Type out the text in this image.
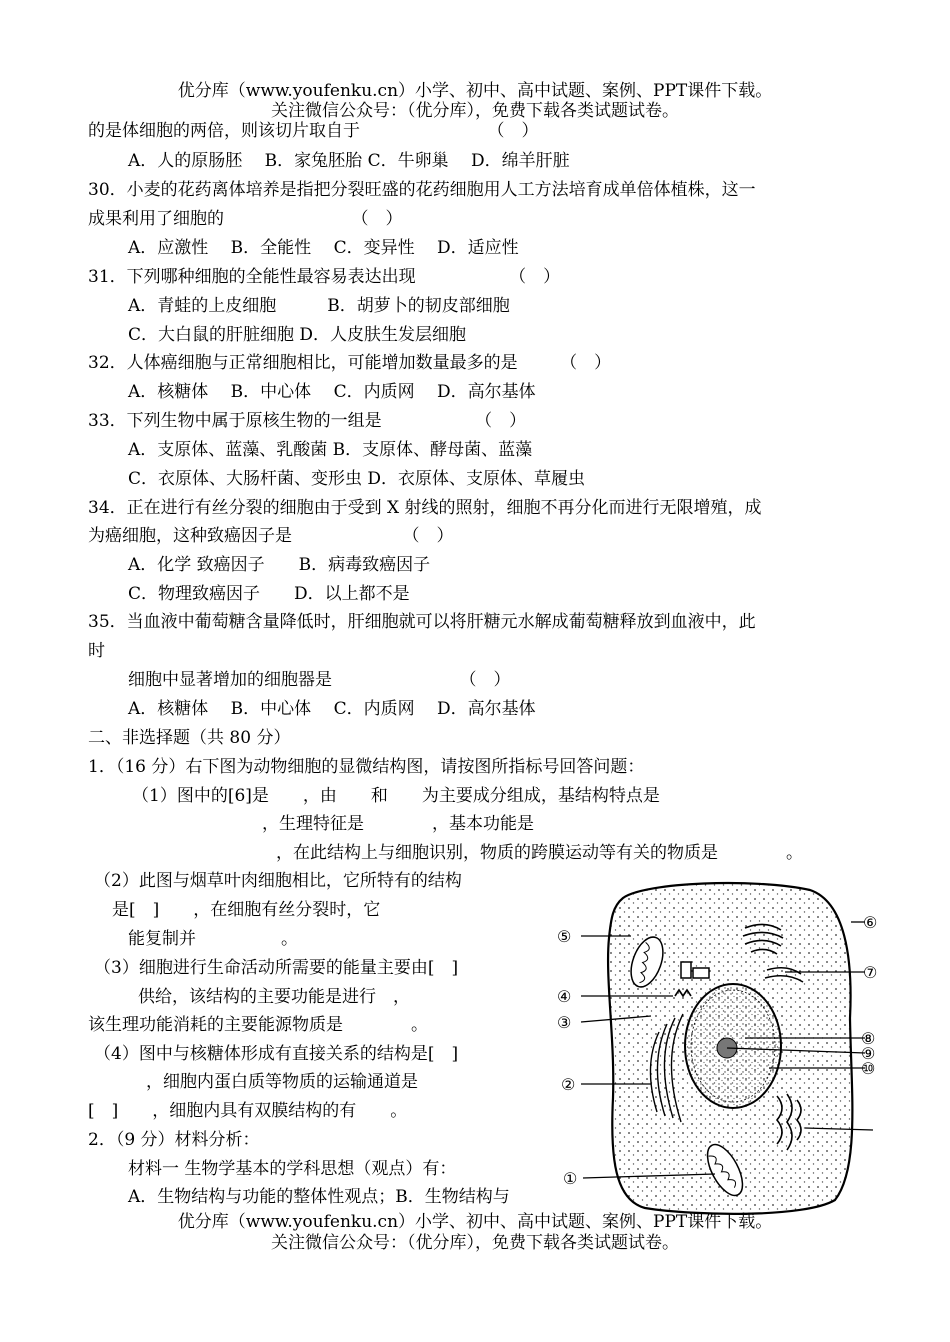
优分库（www.youfenku.cn）小学、初中、高中试题、案例、PPT课件下载。
关注微信公众号：（优分库），免费下载各类试题试卷。
的是体细胞的两倍，则该切片取自于　　　　　　　　（　）
A．人的原肠胚　 B．家兔胚胎 C．牛卵巢　 D．绵羊肝脏
30．小麦的花药离体培养是指把分裂旺盛的花药细胞用人工方法培育成单倍体植株，这一
成果利用了细胞的　　　　　　　　（　）
A．应激性　 B．全能性　 C．变异性　 D．适应性
31．下列哪种细胞的全能性最容易表达出现　　　　　　（　）
A．青蛙的上皮细胞　　　B．胡萝卜的韧皮部细胞
C．大白鼠的肝脏细胞 D．人皮肤生发层细胞
32．人体癌细胞与正常细胞相比，可能增加数量最多的是　　　（　）
A．核糖体　 B．中心体　 C．内质网　 D．高尔基体
33．下列生物中属于原核生物的一组是　　　　　　（　）
A．支原体、蓝藻、乳酸菌 B．支原体、酵母菌、蓝藻
C．衣原体、大肠杆菌、变形虫 D．衣原体、支原体、草履虫
34．正在进行有丝分裂的细胞由于受到 X 射线的照射，细胞不再分化而进行无限增殖，成
为癌细胞，这种致癌因子是　　　　　　　（　）
A．化学 致癌因子　　B．病毒致癌因子
C．物理致癌因子　　D．以上都不是
35．当血液中葡萄糖含量降低时，肝细胞就可以将肝糖元水解成葡萄糖释放到血液中，此
时
细胞中显著增加的细胞器是　　　　　　　　（　）
A．核糖体　 B．中心体　 C．内质网　 D．高尔基体
二、非选择题（共 80 分）
1．（16 分）右下图为动物细胞的显微结构图，请按图所指标号回答问题：
（1）图中的[6]是　　，由　　和　　为主要成分组成，基结构特点是
，生理特征是　　　　，基本功能是
，在此结构上与细胞识别，物质的跨膜运动等有关的物质是　　　　。
（2）此图与烟草叶肉细胞相比，它所特有的结构
是[　]　　，在细胞有丝分裂时，它
能复制并　　　　　。
（3）细胞进行生命活动所需要的能量主要由[　]
供给，该结构的主要功能是进行　，
该生理功能消耗的主要能源物质是　　　　。
（4）图中与核糖体形成有直接关系的结构是[　]
，细胞内蛋白质等物质的运输通道是
[　]　　，细胞内具有双膜结构的有　　。
2．（9 分）材料分析：
材料一 生物学基本的学科思想（观点）有：
A．生物结构与功能的整体性观点；B．生物结构与
⑤
④
③
②
①
⑥
⑦
⑧
⑨
⑩
优分库（www.youfenku.cn）小学、初中、高中试题、案例、PPT课件下载。
关注微信公众号：（优分库），免费下载各类试题试卷。
